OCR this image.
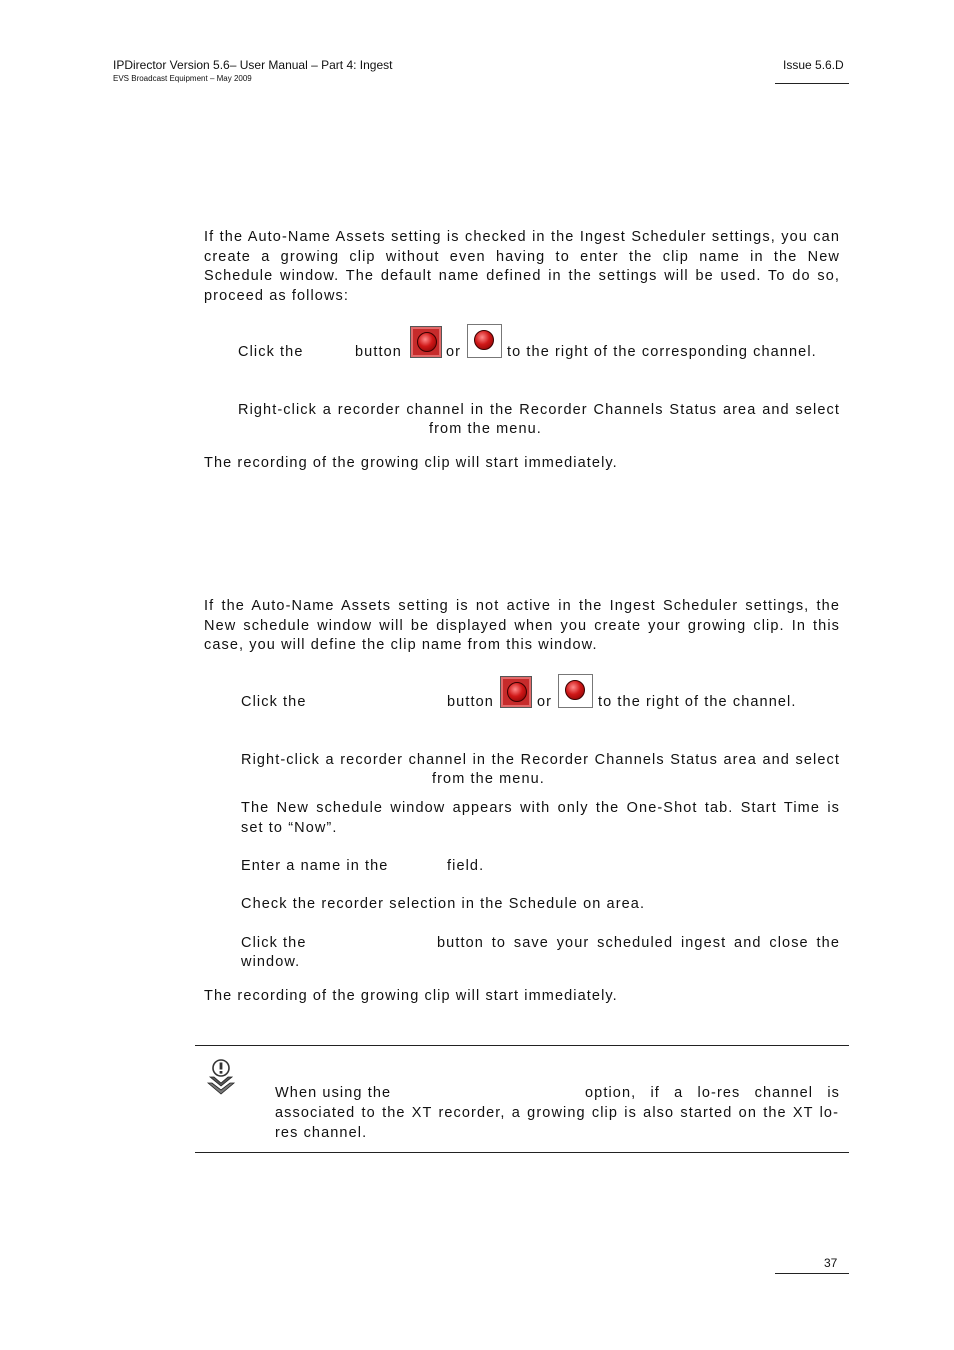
IPDirector Version 5.6– User Manual – Part 4: Ingest
EVS Broadcast Equipment – May 2009
Issue 5.6.D
If the Auto-Name Assets setting is checked in the Ingest Scheduler settings, you can create a growing clip without even having to enter the clip name in the New Schedule window. The default name defined in the settings will be used. To do so, proceed as follows:
Click the	button	or	to the right of the corresponding channel.
Right-click a recorder channel in the Recorder Channels Status area and select
from the menu.
The recording of the growing clip will start immediately.
If the Auto-Name Assets setting is not active in the Ingest Scheduler settings, the New schedule window will be displayed when you create your growing clip. In this case, you will define the clip name from this window.
Click the	button	or	to the right of the channel.
Right-click a recorder channel in the Recorder Channels Status area and select
from the menu.
The New schedule window appears with only the One-Shot tab. Start Time is set to “Now”.
Enter a name in the	field.
Check the recorder selection in the Schedule on area.
Click the	button to save your scheduled ingest and close the
window.
The recording of the growing clip will start immediately.
When using the	option, if a lo-res channel is
associated to the XT recorder, a growing clip is also started on the XT lo-res channel.
37
